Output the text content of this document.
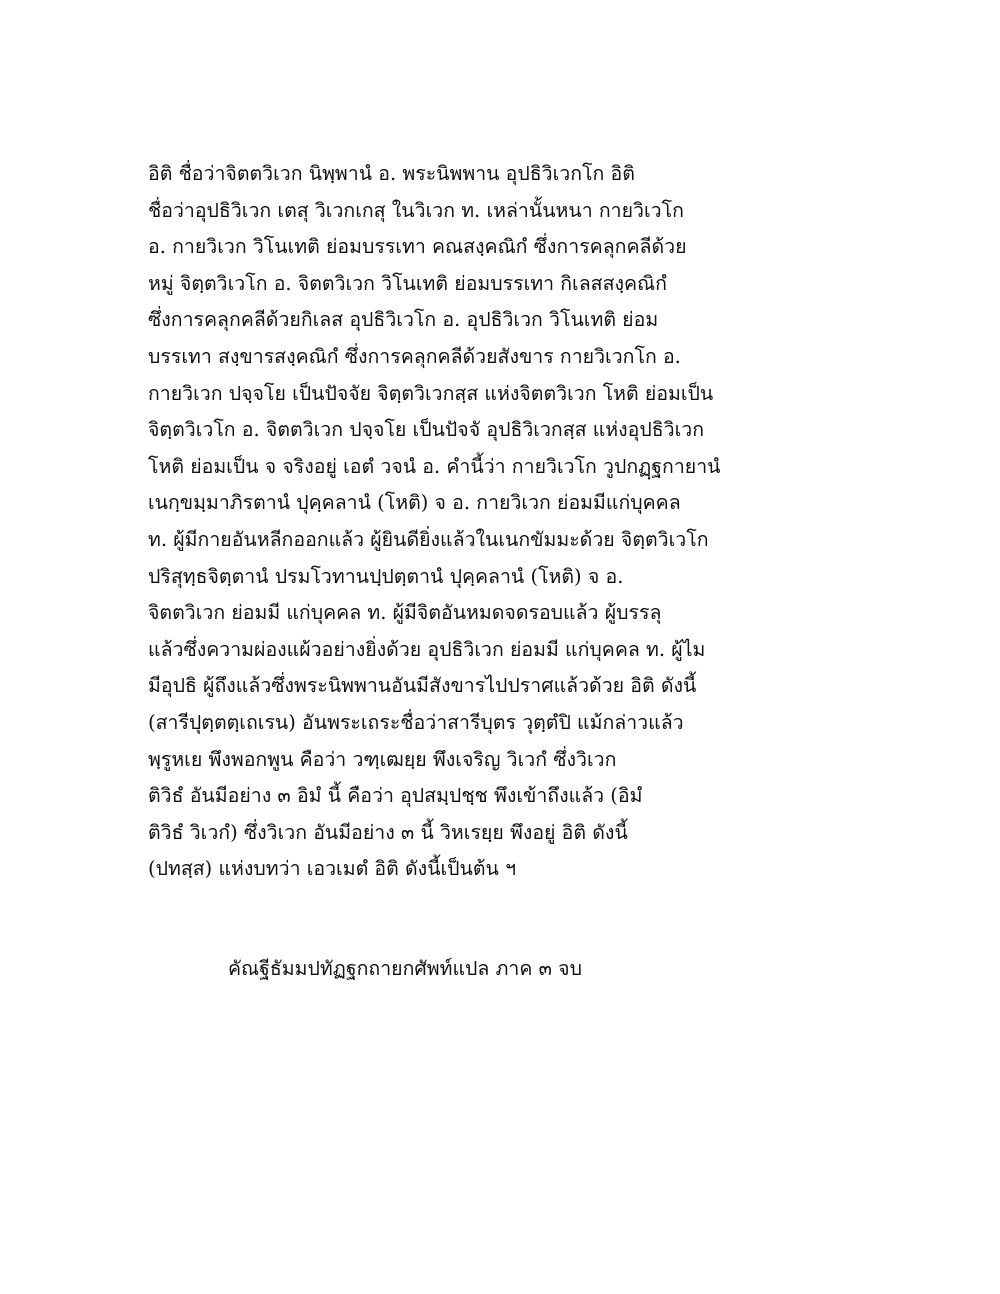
อิติ ชื่อว่าจิตตวิเวก นิพฺพานํ อ. พระนิพพาน อุปธิวิเวกโก อิติ
ชื่อว่าอุปธิวิเวก เตสุ วิเวกเกสุ ในวิเวก ท. เหล่านั้นหนา กายวิเวโก
อ. กายวิเวก วิโนเทติ ย่อมบรรเทา คณสงฺคณิกํ ซึ่งการคลุกคลีด้วย
หมู่ จิตฺตวิเวโก อ. จิตตวิเวก วิโนเทติ ย่อมบรรเทา กิเลสสงฺคณิกํ
ซึ่งการคลุกคลีด้วยกิเลส อุปธิวิเวโก อ. อุปธิวิเวก วิโนเทติ ย่อม
บรรเทา สงฺขารสงฺคณิกํ ซึ่งการคลุกคลีด้วยสังขาร กายวิเวกโก อ.
กายวิเวก ปจฺจโย เป็นปัจจัย จิตฺตวิเวกสฺส แห่งจิตตวิเวก โหติ ย่อมเป็น
จิตฺตวิเวโก อ. จิตตวิเวก ปจฺจโย เป็นปัจจั อุปธิวิเวกสฺส แห่งอุปธิวิเวก
โหติ ย่อมเป็น จ จริงอยู่ เอตํ วจนํ อ. คำนี้ว่า กายวิเวโก วูปกฏฺฐกายานํ
เนกฺขมฺมาภิรตานํ ปุคฺคลานํ (โหติ) จ อ. กายวิเวก ย่อมมีแก่บุคคล
ท. ผู้มีกายอันหลีกออกแล้ว ผู้ยินดียิ่งแล้วในเนกขัมมะด้วย จิตฺตวิเวโก
ปริสุทฺธจิตฺตานํ ปรมโวทานปฺปตฺตานํ ปุคฺคลานํ (โหติ) จ อ.
จิตตวิเวก ย่อมมี แก่บุคคล ท. ผู้มีจิตอันหมดจดรอบแล้ว ผู้บรรลุ
แล้วซึ่งความผ่องแผ้วอย่างยิ่งด้วย อุปธิวิเวก ย่อมมี แก่บุคคล ท. ผู้ไม
มีอุปธิ ผู้ถึงแล้วซึ่งพระนิพพานอันมีสังขารไปปราศแล้วด้วย อิติ ดังนี้
(สารีปุตฺตตฺเถเรน) อันพระเถระชื่อว่าสารีบุตร วุตฺตํปิ แม้กล่าวแล้ว
พฺรูหเย พึงพอกพูน คือว่า วฑฺเฒยฺย พึงเจริญ วิเวกํ ซึ่งวิเวก
ติวิธํ อันมีอย่าง ๓ อิมํ นี้ คือว่า อุปสมฺปชฺช พึงเข้าถึงแล้ว (อิมํ
ติวิธํ วิเวกํ) ซึ่งวิเวก อันมีอย่าง ๓ นี้ วิหเรยฺย พึงอยู่ อิติ ดังนี้
(ปทสฺส) แห่งบทว่า เอวเมตํ อิติ ดังนี้เป็นต้น ฯ
คัณฐีธัมมปทัฏฐกถายกศัพท์แปล ภาค ๓ จบ
